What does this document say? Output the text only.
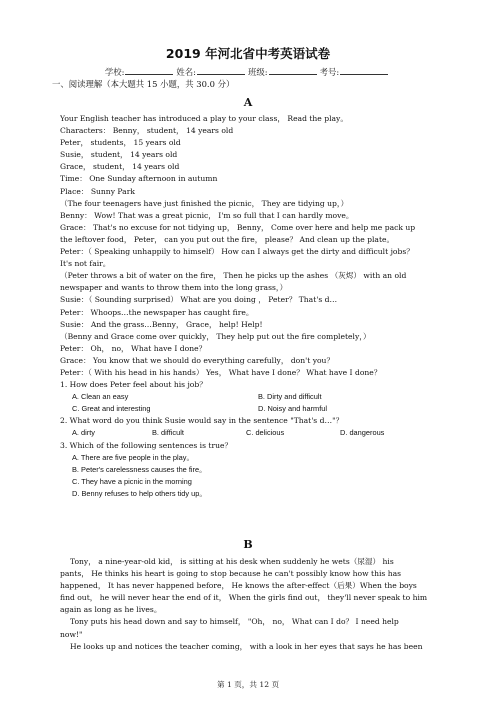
2019 年河北省中考英语试卷
学校:	姓名:	班级:	考号:
一、阅读理解（本大题共 15 小题，共 30.0 分）
A
Your English teacher has introduced a play to your class， Read the play。
Characters： Benny， student， 14 years old
Peter， students， 15 years old
Susie， student， 14 years old
Grace， student， 14 years old
Time： One Sunday afternoon in autumn
Place： Sunny Park
（The four teenagers have just finished the picnic， They are tidying up，）
Benny： Wow! That was a great picnic， I'm so full that I can hardly move。
Grace： That's no excuse for not tidying up， Benny， Come over here and help me pack up
the leftover food， Peter， can you put out the fire， please？ And clean up the plate。
Peter：（ Speaking unhappily to himself） How can I always get the dirty and difficult jobs？
It's not fair。
（Peter throws a bit of water on the fire， Then he picks up the ashes （灰烬） with an old
newspaper and wants to throw them into the long grass，）
Susie：（ Sounding surprised） What are you doing ， Peter？ That's d…
Peter： Whoops…the newspaper has caught fire。
Susie： And the grass…Benny， Grace， help! Help!
（Benny and Grace come over quickly， They help put out the fire completely，）
Peter： Oh， no， What have I done？
Grace： You know that we should do everything carefully， don't you？
Peter：（ With his head in his hands） Yes， What have I done？ What have I done？
1. How does Peter feel about his job？
A. Clean an easy	B. Dirty and difficult
C. Great and interesting	D. Noisy and harmful
2. What word do you think Susie would say in the sentence "That's d…"？
A. dirty	B. difficult	C. delicious	D. dangerous
3. Which of the following sentences is true？
A. There are five people in the play。
B. Peter's carelessness causes the fire。
C. They have a picnic in the morning
D. Benny refuses to help others tidy up。
B
Tony， a nine-year-old kid， is sitting at his desk when suddenly he wets（尿湿） his
pants， He thinks his heart is going to stop because he can't possibly know how this has
happened， It has never happened before， He knows the after-effect（后果）When the boys
find out， he will never hear the end of it， When the girls find out， they'll never speak to him
again as long as he lives。
Tony puts his head down and say to himself， "Oh， no， What can I do？ I need help
now!"
He looks up and notices the teacher coming， with a look in her eyes that says he has been
第 1 页，共 12 页
